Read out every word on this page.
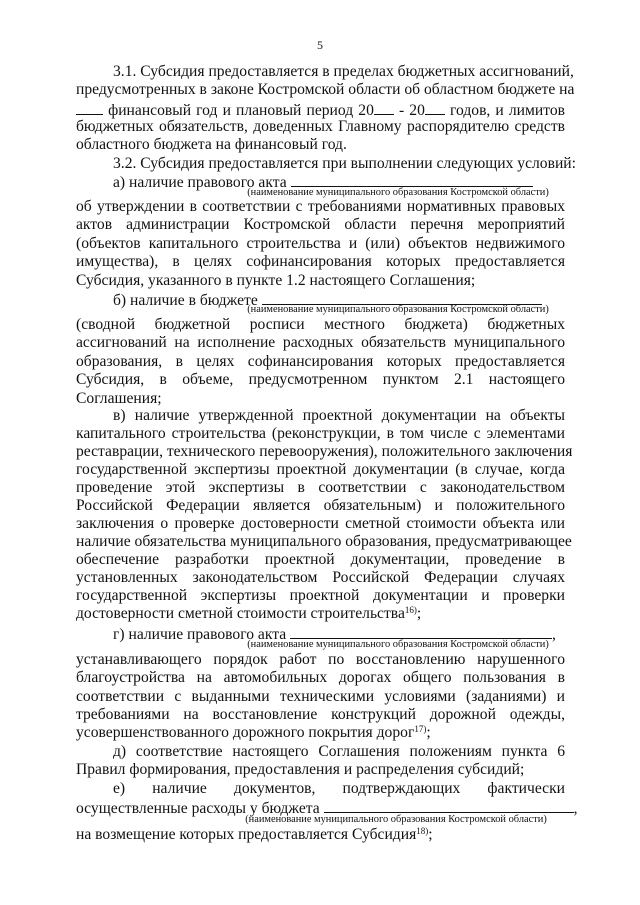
5
3.1. Субсидия предоставляется в пределах бюджетных ассигнований,
предусмотренных в законе Костромской области об областном бюджете на
финансовый год и плановый период 20 - 20 годов, и лимитов
бюджетных обязательств, доведенных Главному распорядителю средств
областного бюджета на финансовый год.
3.2. Субсидия предоставляется при выполнении следующих условий:
а) наличие правового акта
(наименование муниципального образования Костромской области)
об утверждении в соответствии с требованиями нормативных правовых
актов администрации Костромской области перечня мероприятий
(объектов капитального строительства и (или) объектов недвижимого
имущества), в целях софинансирования которых предоставляется
Субсидия, указанного в пункте 1.2 настоящего Соглашения;
б) наличие в бюджете
(наименование муниципального образования Костромской области)
(сводной бюджетной росписи местного бюджета) бюджетных
ассигнований на исполнение расходных обязательств муниципального
образования, в целях софинансирования которых предоставляется
Субсидия, в объеме, предусмотренном пунктом 2.1 настоящего
Соглашения;
в) наличие утвержденной проектной документации на объекты
капитального строительства (реконструкции, в том числе с элементами
реставрации, технического перевооружения), положительного заключения
государственной экспертизы проектной документации (в случае, когда
проведение этой экспертизы в соответствии с законодательством
Российской Федерации является обязательным) и положительного
заключения о проверке достоверности сметной стоимости объекта или
наличие обязательства муниципального образования, предусматривающее
обеспечение разработки проектной документации, проведение в
установленных законодательством Российской Федерации случаях
государственной экспертизы проектной документации и проверки
достоверности сметной стоимости строительства$^{16)}$;
г) наличие правового акта	,
(наименование муниципального образования Костромской области)
устанавливающего порядок работ по восстановлению нарушенного
благоустройства на автомобильных дорогах общего пользования в
соответствии с выданными техническими условиями (заданиями) и
требованиями на восстановление конструкций дорожной одежды,
усовершенствованного дорожного покрытия дорог$^{17)}$;
д) соответствие настоящего Соглашения положениям пункта 6
Правил формирования, предоставления и распределения субсидий;
е) наличие документов, подтверждающих фактически
осуществленные расходы у бюджета	,
(наименование муниципального образования Костромской области)
на возмещение которых предоставляется Субсидия$^{18)}$;
